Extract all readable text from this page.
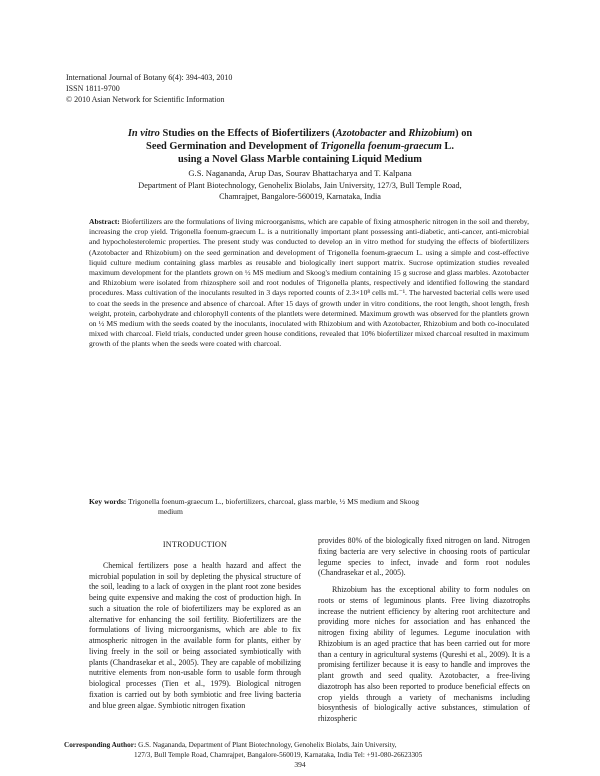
International Journal of Botany 6(4): 394-403, 2010
ISSN 1811-9700
© 2010 Asian Network for Scientific Information
In vitro Studies on the Effects of Biofertilizers (Azotobacter and Rhizobium) on
Seed Germination and Development of Trigonella foenum-graecum L.
using a Novel Glass Marble containing Liquid Medium
G.S. Nagananda, Arup Das, Sourav Bhattacharya and T. Kalpana
Department of Plant Biotechnology, Genohelix Biolabs, Jain University, 127/3, Bull Temple Road,
Chamrajpet, Bangalore-560019, Karnataka, India
Abstract: Biofertilizers are the formulations of living microorganisms, which are capable of fixing atmospheric nitrogen in the soil and thereby, increasing the crop yield. Trigonella foenum-graecum L. is a nutritionally important plant possessing anti-diabetic, anti-cancer, anti-microbial and hypocholesterolemic properties. The present study was conducted to develop an in vitro method for studying the effects of biofertilizers (Azotobacter and Rhizobium) on the seed germination and development of Trigonella foenum-graecum L. using a simple and cost-effective liquid culture medium containing glass marbles as reusable and biologically inert support matrix. Sucrose optimization studies revealed maximum development for the plantlets grown on ½ MS medium and Skoog's medium containing 15 g sucrose and glass marbles. Azotobacter and Rhizobium were isolated from rhizosphere soil and root nodules of Trigonella plants, respectively and identified following the standard procedures. Mass cultivation of the inoculants resulted in 3 days reported counts of 2.3×10⁸ cells mL⁻¹. The harvested bacterial cells were used to coat the seeds in the presence and absence of charcoal. After 15 days of growth under in vitro conditions, the root length, shoot length, fresh weight, protein, carbohydrate and chlorophyll contents of the plantlets were determined. Maximum growth was observed for the plantlets grown on ½ MS medium with the seeds coated by the inoculants, inoculated with Rhizobium and with Azotobacter, Rhizobium and both co-inoculated mixed with charcoal. Field trials, conducted under green house conditions, revealed that 10% biofertilizer mixed charcoal resulted in maximum growth of the plants when the seeds were coated with charcoal.
Key words: Trigonella foenum-graecum L., biofertilizers, charcoal, glass marble, ½ MS medium and Skoog
medium
INTRODUCTION

Chemical fertilizers pose a health hazard and affect the microbial population in soil by depleting the physical structure of the soil, leading to a lack of oxygen in the plant root zone besides being quite expensive and making the cost of production high. In such a situation the role of biofertilizers may be explored as an alternative for enhancing the soil fertility. Biofertilizers are the formulations of living microorganisms, which are able to fix atmospheric nitrogen in the available form for plants, either by living freely in the soil or being associated symbiotically with plants (Chandrasekar et al., 2005). They are capable of mobilizing nutritive elements from non-usable form to usable form through biological processes (Tien et al., 1979). Biological nitrogen fixation is carried out by both symbiotic and free living bacteria and blue green algae. Symbiotic nitrogen fixation

provides 80% of the biologically fixed nitrogen on land. Nitrogen fixing bacteria are very selective in choosing roots of particular legume species to infect, invade and form root nodules (Chandrasekar et al., 2005).

Rhizobium has the exceptional ability to form nodules on roots or stems of leguminous plants. Free living diazotrophs increase the nutrient efficiency by altering root architecture and providing more niches for association and has enhanced the nitrogen fixing ability of legumes. Legume inoculation with Rhizobium is an aged practice that has been carried out for more than a century in agricultural systems (Qureshi et al., 2009). It is a promising fertilizer because it is easy to handle and improves the plant growth and seed quality. Azotobacter, a free-living diazotroph has also been reported to produce beneficial effects on crop yields through a variety of mechanisms including biosynthesis of biologically active substances, stimulation of rhizospheric

Corresponding Author: G.S. Nagananda, Department of Plant Biotechnology, Genohelix Biolabs, Jain University,
127/3, Bull Temple Road, Chamrajpet, Bangalore-560019, Karnataka, India Tel: +91-080-26623305
394
